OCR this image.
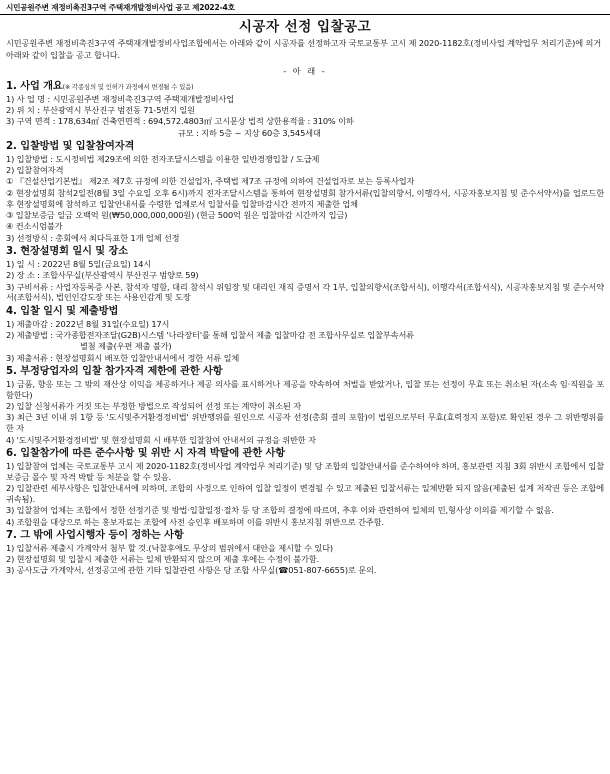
시민공원주변 재정비촉진3구역 주택재개발정비사업 공고 제2022-4호
시공자 선정 입찰공고

시민공원주변 재정비촉진3구역 주택재개발정비사업조합에서는 아래와 같이 시공자를 선정하고자 국토교통부 고시 제 2020-1182호(정비사업 계약업무 처리기준)에 의거 아래와 같이 입찰을 공고 합니다.

- 아 래 -
1. 사업 개요(※ 각종심의 및 인허가 과정에서 변경될 수 있음)
1) 사 업 명 : 시민공원주변 재정비촉진3구역 주택재개발정비사업
2) 위 치 : 부산광역시 부산진구 범전동 71-5번지 일원
3) 구역 면적 : 178,634㎡ 건축연면적 : 694,572.4803㎡ 고시문상 법적 상한용적율 : 310% 이하
규모 : 지하 5층 ~ 지상 60층 3,545세대
2. 입찰방법 및 입찰참여자격
1) 입찰방법 : 도시정비법 제29조에 의한 전자조달시스템을 이용한 일반경쟁입찰 / 도급제
2) 입찰참여자격
① 『건설산업기본법』 제2조 제7호 규정에 의한 건설업자, 주택법 제7조 규정에 의하여 건설업자로 보는 등록사업자
② 현장설명회 참석2일전(8월 3일 수요일 오후 6시)까지 전자조달시스템을 통하여 현장설명회 참가서류(입찰의향서, 이행각서, 시공자홍보지침 및 준수서약서)를 업로드한 후 현장설명회에 참석하고 입찰안내서를 수령한 업체로서 입찰서를 입찰마감시간 전까지 제출한 업체
③ 입찰보증금 일금 오백억 원(₩50,000,000,000원) (현금 500억 원은 입찰마감 시간까지 입금)
④ 컨소시엄불가
3) 선정방식 : 총회에서 최다득표한 1개 업체 선정
3. 현장설명회 일시 및 장소
1) 일 시 : 2022년 8월 5일(금요일) 14시
2) 장 소 : 조합사무실(부산광역시 부산진구 범양로 59)
3) 구비서류 : 사업자등록증 사본, 참석자 명함, 대리 참석시 위임장 및 대리인 재직 증명서 각 1부, 입찰의향서(조합서식), 이행각서(조합서식), 시공자홍보지침 및 준수서약서(조합서식), 법인인감도장 또는 사용인감계 및 도장
4. 입찰 일시 및 제출방법
1) 제출마감 : 2022년 8월 31일(수요일) 17시
2) 제출방법 : 국가종합전자조달(G2B)시스템 '나라장터'를 통해 입찰서 제출 입찰마감 전 조합사무실로 입찰부속서류
별첨 제출(우편 제출 불가)
3) 제출서류 : 현장설명회시 배포한 입찰안내서에서 정한 서류 일체
5. 부정당업자의 입찰 참가자격 제한에 관한 사항
1) 금품, 향응 또는 그 밖의 재산상 이익을 제공하거나 제공 의사를 표시하거나 제공을 약속하여 처벌을 받았거나, 입찰 또는 선정이 무효 또는 취소된 자(소속 임·직원을 포함한다)
2) 입찰 신청서류가 거짓 또는 부정한 방법으로 작성되어 선정 또는 계약이 취소된 자
3) 최근 3년 이내 위 1항 등 '도시및주거환경정비법' 위반행위를 원인으로 시공자 선정(총회 결의 포함)이 법원으로부터 무효(효력정지 포함)로 확인된 경우 그 위반행위를 한 자
4) '도시및주거환경정비법' 및 현장설명회 시 배부한 입찰참여 안내서의 규정을 위반한 자
6. 입찰참가에 따른 준수사항 및 위반 시 자격 박탈에 관한 사항
1) 입찰참여 업체는 국토교통부 고시 제 2020-1182호(정비사업 계약업무 처리기준) 및 당 조합의 입찰안내서를 준수하여야 하며, 홍보관련 지침 3회 위반시 조합에서 입찰보증금 몰수 및 자격 박탈 등 처분을 할 수 있음.
2) 입찰관련 세부사항은 입찰안내서에 의하며, 조합의 사정으로 인하여 입찰 일정이 변경될 수 있고 제출된 입찰서류는 일체반환 되지 않음(제출된 설계 저작권 등은 조합에 귀속됨).
3) 입찰참여 업체는 조합에서 정한 선정기준 및 방법·입찰일정·절차 등 당 조합의 결정에 따르며, 추후 이와 관련하여 일체의 민,형사상 이의를 제기할 수 없음.
4) 조합원을 대상으로 하는 홍보자료는 조합에 사전 승인후 배포하며 이를 위반시 홍보지침 위반으로 간주함.
7. 그 밖에 사업시행자 등이 정하는 사항
1) 입찰서류 제출시 가계약서 첨부 할 것.(낙찰후에도 무상의 범위에서 대안을 제시할 수 있다)
2) 현장설명회 및 입찰시 제출한 서류는 일체 반환되지 않으며 제출 후에는 수정이 불가함.
3) 공사도급 가계약서, 선정공고에 관한 기타 입찰관련 사항은 당 조합 사무실(☎051-807-6655)로 문의.
